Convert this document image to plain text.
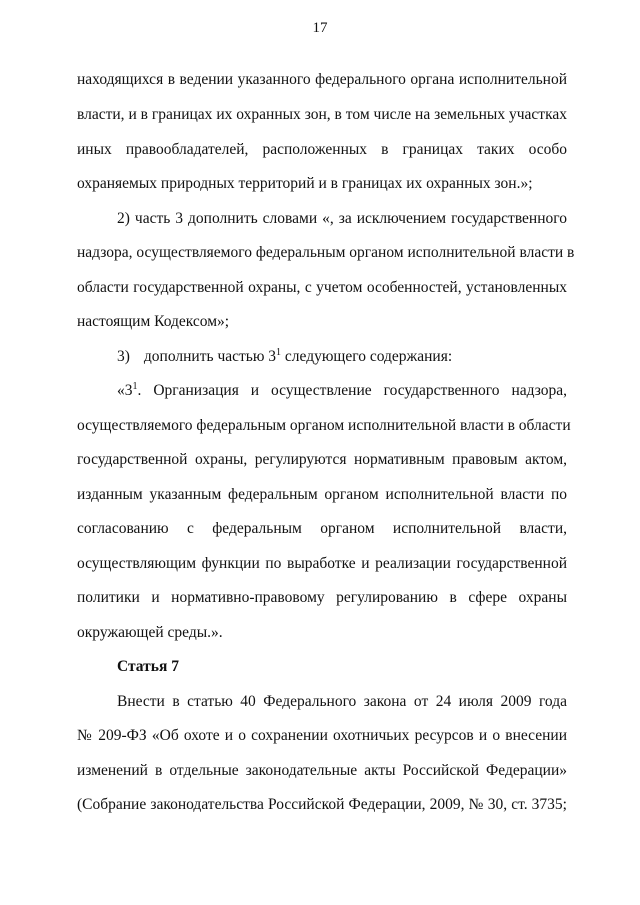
17
находящихся в ведении указанного федерального органа исполнительной
власти, и в границах их охранных зон, в том числе на земельных участках
иных правообладателей, расположенных в границах таких особо
охраняемых природных территорий и в границах их охранных зон.»;
2) часть 3 дополнить словами «, за исключением государственного
надзора, осуществляемого федеральным органом исполнительной власти в
области государственной охраны, с учетом особенностей, установленных
настоящим Кодексом»;
3) дополнить частью $3^1$ следующего содержания:
«$3^1$. Организация и осуществление государственного надзора,
осуществляемого федеральным органом исполнительной власти в области
государственной охраны, регулируются нормативным правовым актом,
изданным указанным федеральным органом исполнительной власти по
согласованию с федеральным органом исполнительной власти,
осуществляющим функции по выработке и реализации государственной
политики и нормативно-правовому регулированию в сфере охраны
окружающей среды.».
Статья 7
Внести в статью 40 Федерального закона от 24 июля 2009 года
№ 209-ФЗ «Об охоте и о сохранении охотничьих ресурсов и о внесении
изменений в отдельные законодательные акты Российской Федерации»
(Собрание законодательства Российской Федерации, 2009, № 30, ст. 3735;
